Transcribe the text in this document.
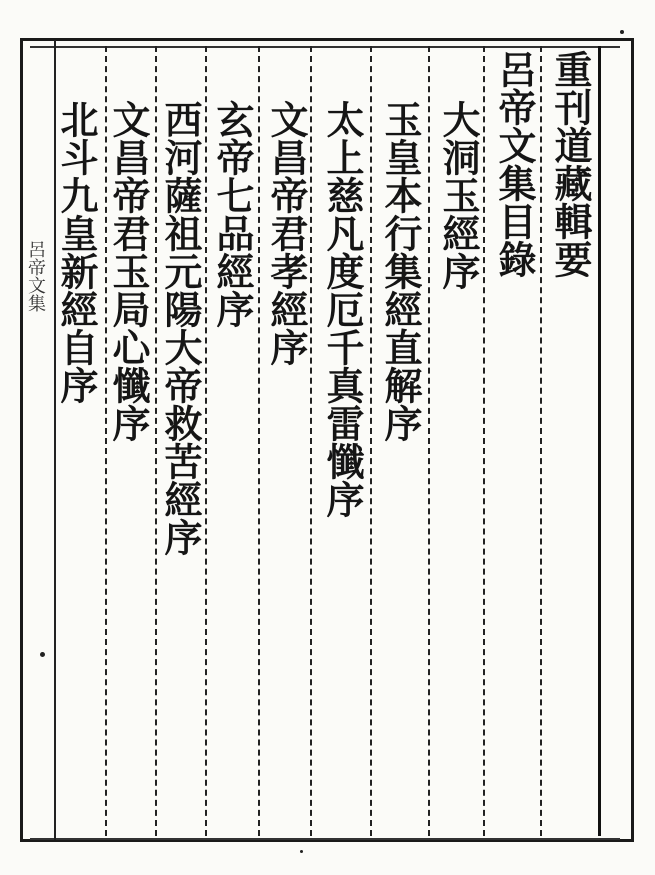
呂帝文集	重刊道藏輯要
呂帝文集目錄
大洞玉經序
玉皇本行集經直解序
太上慈凡度厄千真雷懺序
文昌帝君孝經序
玄帝七品經序
西河薩祖元陽大帝救苦經序
文昌帝君玉局心懺序
北斗九皇新經自序
